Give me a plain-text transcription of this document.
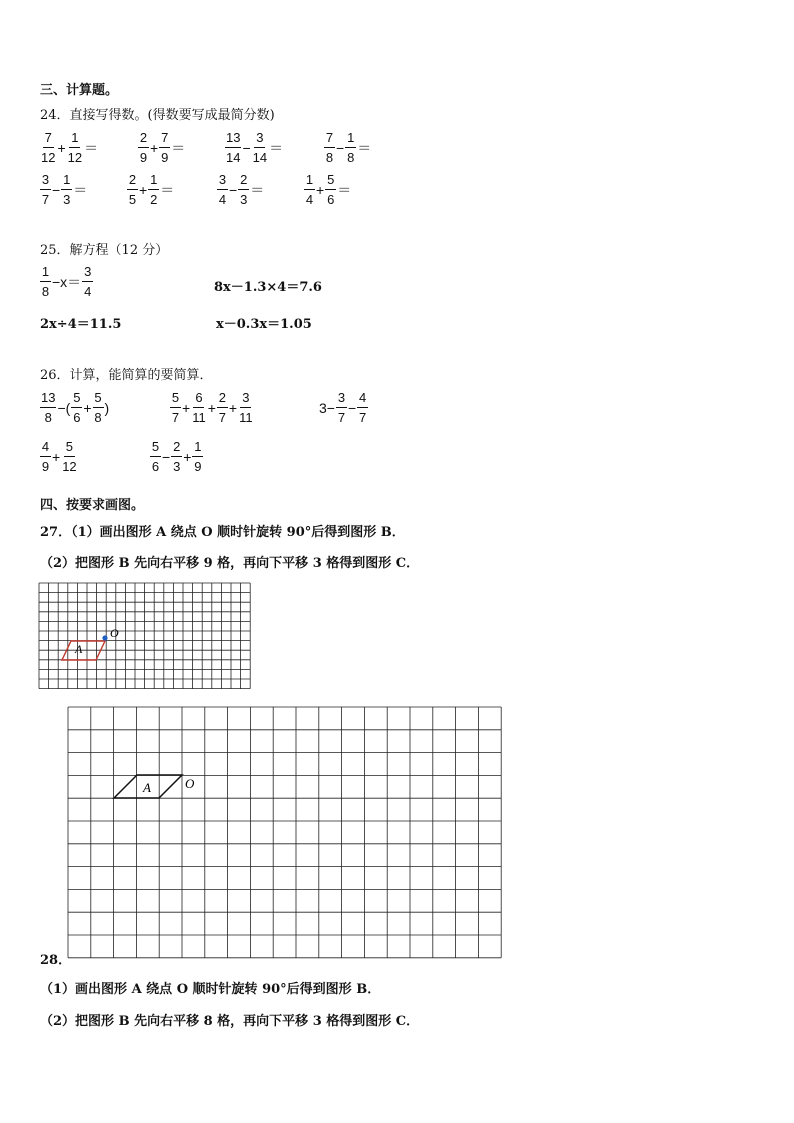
三、计算题。
24．直接写得数。(得数要写成最简分数)
$\frac{7}{12} + \frac{1}{12}$ ＝	$\frac{2}{9} + \frac{7}{9}$ ＝	$\frac{13}{14} - \frac{3}{14}$ ＝	$\frac{7}{8} - \frac{1}{8}$ ＝
$\frac{3}{7} - \frac{1}{3}$ ＝	$\frac{2}{5} + \frac{1}{2}$ ＝	$\frac{3}{4} - \frac{2}{3}$ ＝	$\frac{1}{4} + \frac{5}{6}$ ＝
25．解方程（12 分）
$\frac{1}{8} -x= \frac{3}{4}$	8x－1.3×4＝7.6
2x÷4＝11.5	x－0.3x＝1.05
26．计算，能简算的要简算．
$\frac{13}{8}$ −( $\frac{5}{6} + \frac{5}{8}$ )	$\frac{5}{7} + \frac{6}{11} + \frac{2}{7} + \frac{3}{11}$	$3- \frac{3}{7} - \frac{4}{7}$
$\frac{4}{9} + \frac{5}{12}$	$\frac{5}{6} - \frac{2}{3} + \frac{1}{9}$
四、按要求画图。
27．（1）画出图形 A 绕点 O 顺时针旋转 90°后得到图形 B．
（2）把图形 B 先向右平移 9 格，再向下平移 3 格得到图形 C．
A
O
A	O
28．
（1）画出图形 A 绕点 O 顺时针旋转 90°后得到图形 B．
（2）把图形 B 先向右平移 8 格，再向下平移 3 格得到图形 C．
